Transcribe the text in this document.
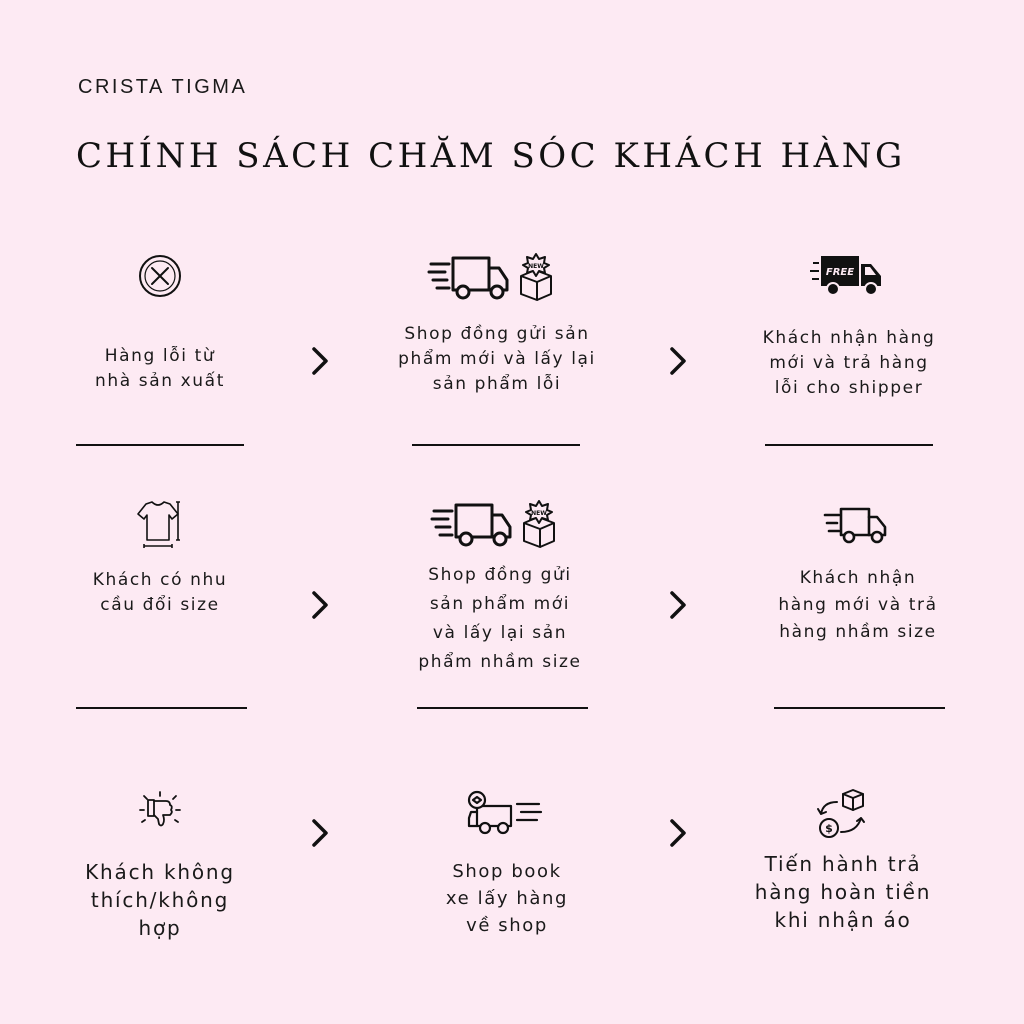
CRISTA TIGMA
CHÍNH SÁCH CHĂM SÓC KHÁCH HÀNG
Hàng lỗi từ
nhà sản xuất
NEW
Shop đồng gửi sản
phẩm mới và lấy lại
sản phẩm lỗi
FREE
Khách nhận hàng
mới và trả hàng
lỗi cho shipper
Khách có nhu
cầu đổi size
NEW
Shop đồng gửi
sản phẩm mới
và lấy lại sản
phẩm nhầm size
Khách nhận
hàng mới và trả
hàng nhầm size
Khách không
thích/không
hợp
Shop book
xe lấy hàng
về shop
$
Tiến hành trả
hàng hoàn tiền
khi nhận áo
